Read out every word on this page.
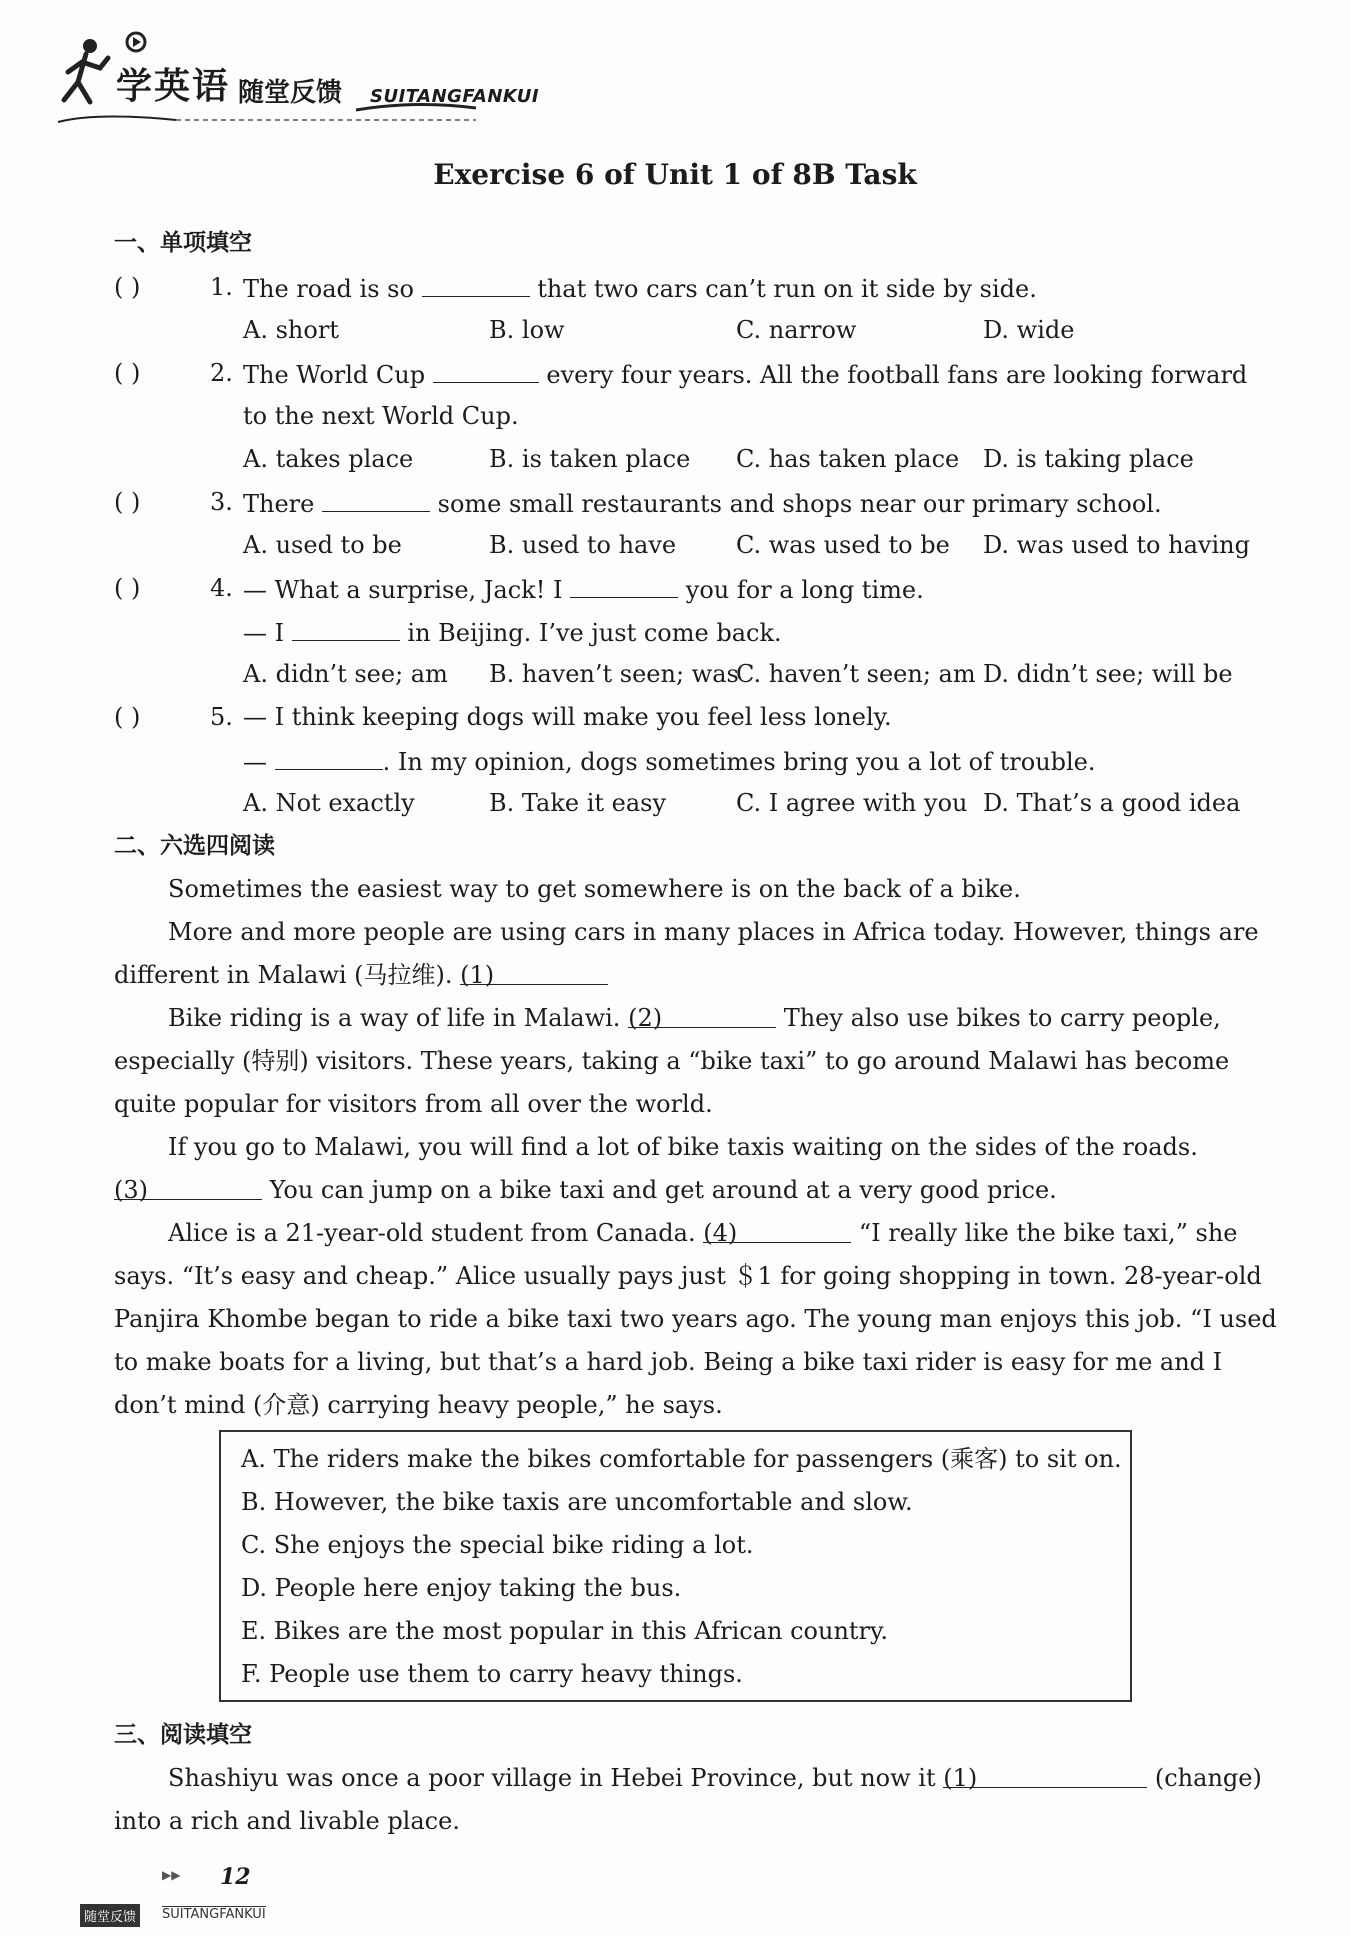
学英语 随堂反馈 SUITANGFANKUI
Exercise 6 of Unit 1 of 8B Task
一、单项填空
( )	1. The road is so	that two cars can’t run on it side by side.
A. short	B. low	C. narrow	D. wide
( )	2. The World Cup	every four years. All the football fans are looking forward
to the next World Cup.
A. takes place	B. is taken place C. has taken place D. is taking place
( )	3. There	some small restaurants and shops near our primary school.
A. used to be	B. used to have C. was used to be D. was used to having
( )	4. — What a surprise, Jack! I	you for a long time.
— I	in Beijing. I’ve just come back.
A. didn’t see; am B. haven’t seen; was
C. haven’t seen; am D. didn’t see; will be
( )	5. — I think keeping dogs will make you feel less lonely.
—	. In my opinion, dogs sometimes bring you a lot of trouble.
A. Not exactly	B. Take it easy	C. I agree with you D. That’s a good idea
二、六选四阅读
Sometimes the easiest way to get somewhere is on the back of a bike.
More and more people are using cars in many places in Africa today. However, things are
different in Malawi (马拉维). (1)
Bike riding is a way of life in Malawi. (2)	They also use bikes to carry people,
especially (特别) visitors. These years, taking a “bike taxi” to go around Malawi has become
quite popular for visitors from all over the world.
If you go to Malawi, you will find a lot of bike taxis waiting on the sides of the roads.
(3)	You can jump on a bike taxi and get around at a very good price.
Alice is a 21-year-old student from Canada. (4)	“I really like the bike taxi,” she
says. “It’s easy and cheap.” Alice usually pays just ＄1 for going shopping in town. 28-year-old
Panjira Khombe began to ride a bike taxi two years ago. The young man enjoys this job. “I used
to make boats for a living, but that’s a hard job. Being a bike taxi rider is easy for me and I
don’t mind (介意) carrying heavy people,” he says.
A. The riders make the bikes comfortable for passengers (乘客) to sit on.
B. However, the bike taxis are uncomfortable and slow.
C. She enjoys the special bike riding a lot.
D. People here enjoy taking the bus.
E. Bikes are the most popular in this African country.
F. People use them to carry heavy things.
三、阅读填空
Shashiyu was once a poor village in Hebei Province, but now it (1)	(change)
into a rich and livable place.
▶▶ 12
随堂反馈	SUITANGFANKUI
